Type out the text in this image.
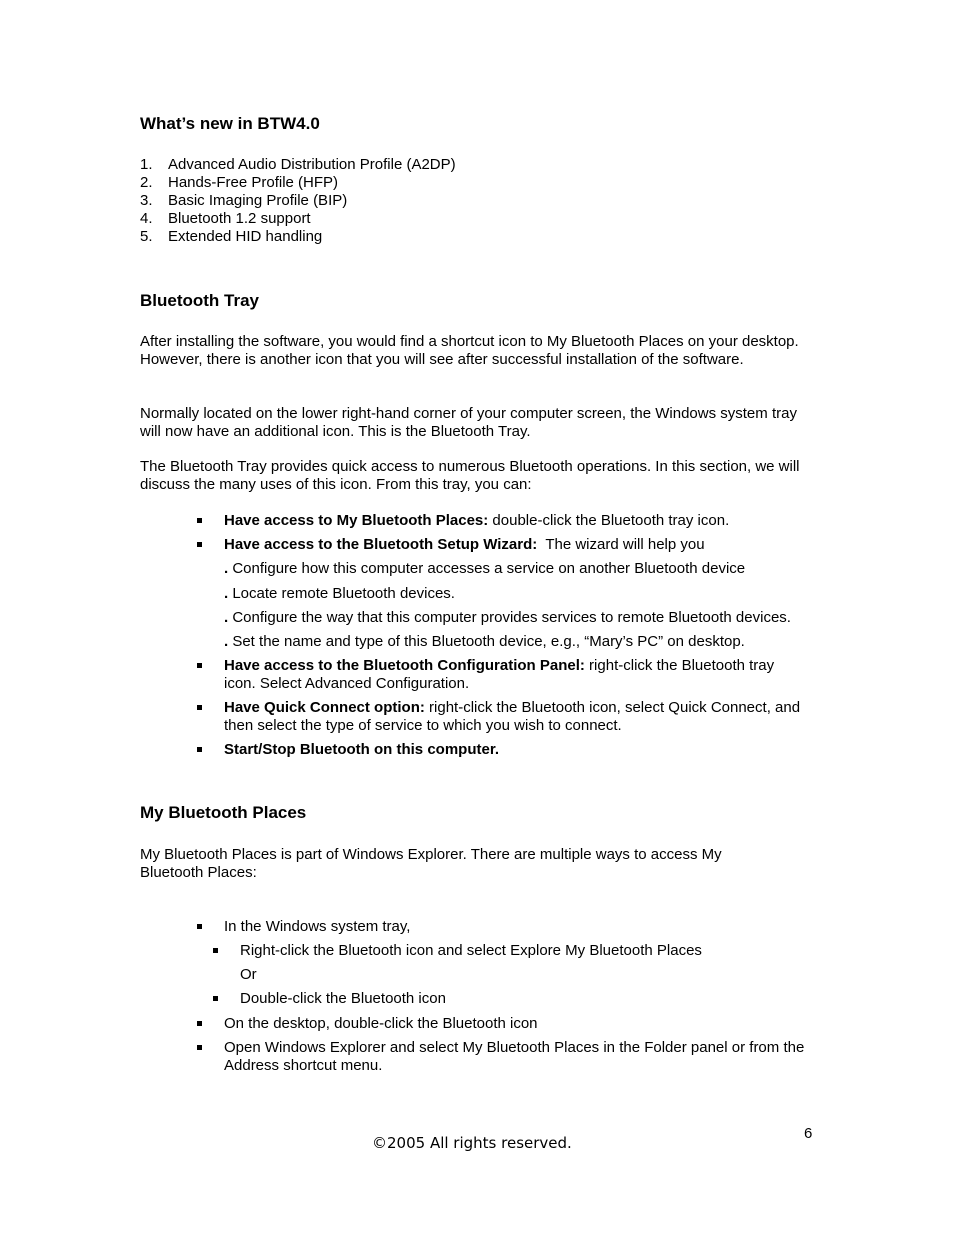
What’s new in BTW4.0
1. Advanced Audio Distribution Profile (A2DP)
2. Hands-Free Profile (HFP)
3. Basic Imaging Profile (BIP)
4. Bluetooth 1.2 support
5. Extended HID handling
Bluetooth Tray

After installing the software, you would find a shortcut icon to My Bluetooth Places on your desktop. However, there is another icon that you will see after successful installation of the software.

Normally located on the lower right-hand corner of your computer screen, the Windows system tray will now have an additional icon. This is the Bluetooth Tray.

The Bluetooth Tray provides quick access to numerous Bluetooth operations. In this section, we will discuss the many uses of this icon. From this tray, you can:

Have access to My Bluetooth Places: double-click the Bluetooth tray icon.

Have access to the Bluetooth Setup Wizard:  The wizard will help you

. Configure how this computer accesses a service on another Bluetooth device

. Locate remote Bluetooth devices.

. Configure the way that this computer provides services to remote Bluetooth devices.

. Set the name and type of this Bluetooth device, e.g., “Mary’s PC” on desktop.

Have access to the Bluetooth Configuration Panel: right-click the Bluetooth tray icon. Select Advanced Configuration.

Have Quick Connect option: right-click the Bluetooth icon, select Quick Connect, and then select the type of service to which you wish to connect.

Start/Stop Bluetooth on this computer.

My Bluetooth Places

My Bluetooth Places is part of Windows Explorer. There are multiple ways to access My Bluetooth Places:

In the Windows system tray,

Right-click the Bluetooth icon and select Explore My Bluetooth Places

Or

Double-click the Bluetooth icon

On the desktop, double-click the Bluetooth icon

Open Windows Explorer and select My Bluetooth Places in the Folder panel or from the Address shortcut menu.

6
©2005 All rights reserved.
